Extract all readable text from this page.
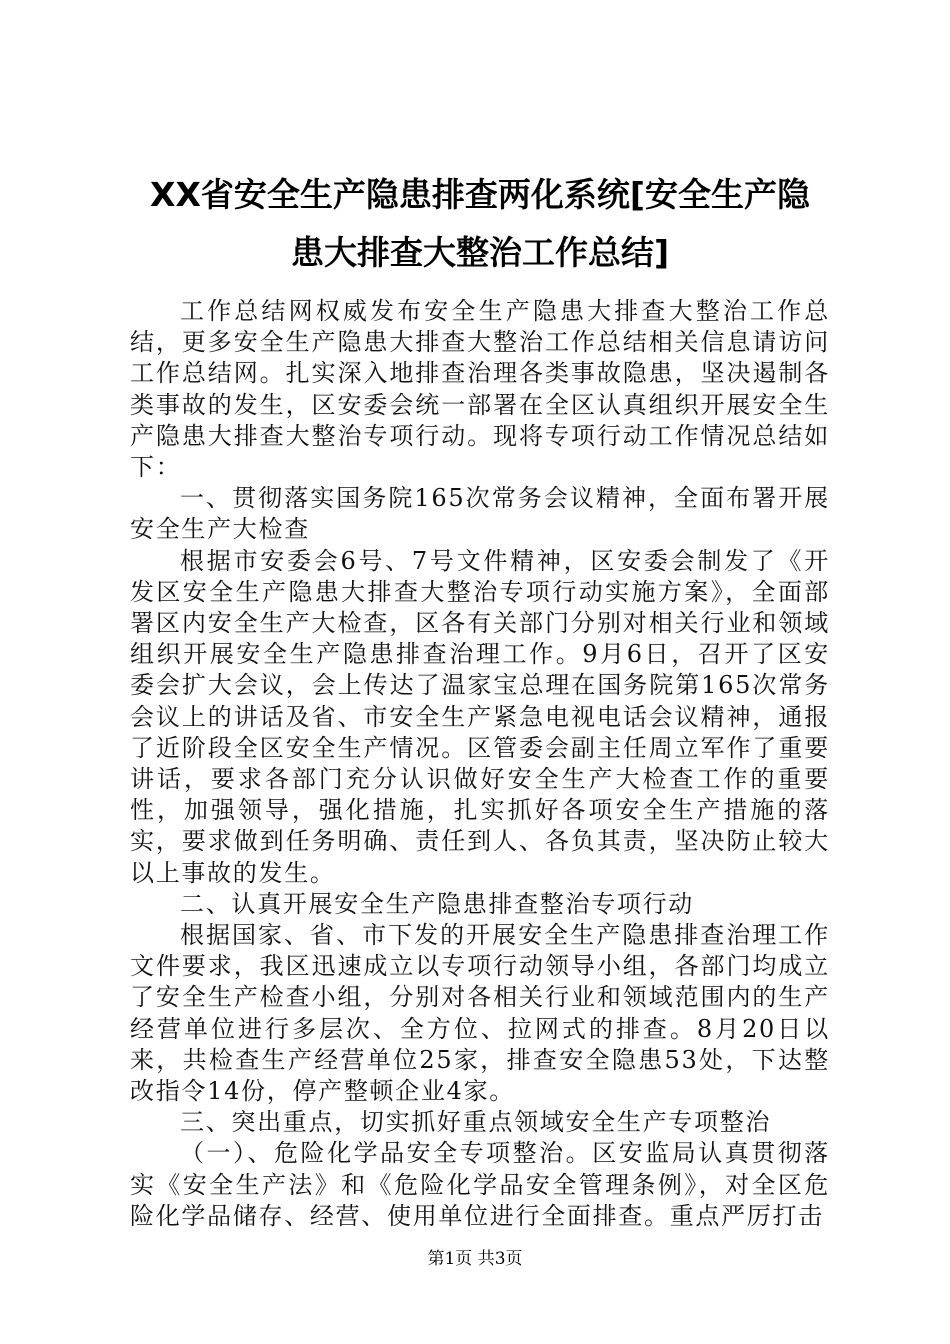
XX省安全生产隐患排查两化系统[安全生产隐
患大排查大整治工作总结]

工作总结网权威发布安全生产隐患大排查大整治工作总结，更多安全生产隐患大排查大整治工作总结相关信息请访问工作总结网。扎实深入地排查治理各类事故隐患，坚决遏制各类事故的发生，区安委会统一部署在全区认真组织开展安全生产隐患大排查大整治专项行动。现将专项行动工作情况总结如下：

一、贯彻落实国务院165次常务会议精神，全面布署开展安全生产大检查

根据市安委会6号、7号文件精神，区安委会制发了《开发区安全生产隐患大排查大整治专项行动实施方案》，全面部署区内安全生产大检查，区各有关部门分别对相关行业和领域组织开展安全生产隐患排查治理工作。9月6日，召开了区安委会扩大会议，会上传达了温家宝总理在国务院第165次常务会议上的讲话及省、市安全生产紧急电视电话会议精神，通报了近阶段全区安全生产情况。区管委会副主任周立军作了重要讲话，要求各部门充分认识做好安全生产大检查工作的重要性，加强领导，强化措施，扎实抓好各项安全生产措施的落实，要求做到任务明确、责任到人、各负其责，坚决防止较大以上事故的发生。

二、认真开展安全生产隐患排查整治专项行动

根据国家、省、市下发的开展安全生产隐患排查治理工作文件要求，我区迅速成立以专项行动领导小组，各部门均成立了安全生产检查小组，分别对各相关行业和领域范围内的生产经营单位进行多层次、全方位、拉网式的排查。8月20日以来，共检查生产经营单位25家，排查安全隐患53处，下达整改指令14份，停产整顿企业4家。

三、突出重点，切实抓好重点领域安全生产专项整治

（一）、危险化学品安全专项整治。区安监局认真贯彻落实《安全生产法》和《危险化学品安全管理条例》，对全区危险化学品储存、经营、使用单位进行全面排查。重点严厉打击

第1页 共3页
